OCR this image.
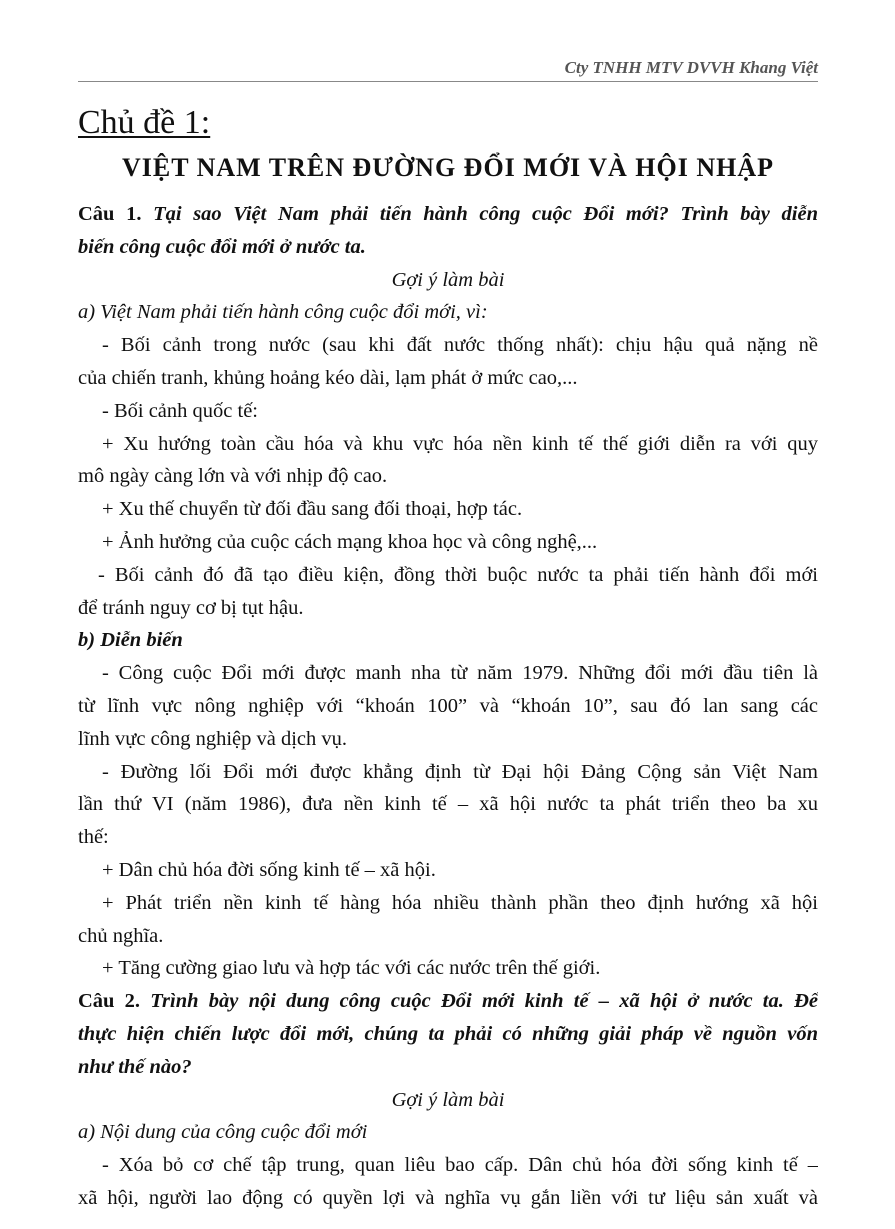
Cty TNHH MTV DVVH Khang Việt
Chủ đề 1:
VIỆT NAM TRÊN ĐƯỜNG ĐỔI MỚI VÀ HỘI NHẬP
Câu 1. Tại sao Việt Nam phải tiến hành công cuộc Đổi mới? Trình bày diễn
biến công cuộc đổi mới ở nước ta.
Gợi ý làm bài
a) Việt Nam phải tiến hành công cuộc đổi mới, vì:
- Bối cảnh trong nước (sau khi đất nước thống nhất): chịu hậu quả nặng nề
của chiến tranh, khủng hoảng kéo dài, lạm phát ở mức cao,...
- Bối cảnh quốc tế:
+ Xu hướng toàn cầu hóa và khu vực hóa nền kinh tế thế giới diễn ra với quy
mô ngày càng lớn và với nhịp độ cao.
+ Xu thế chuyển từ đối đầu sang đối thoại, hợp tác.
+ Ảnh hưởng của cuộc cách mạng khoa học và công nghệ,...
- Bối cảnh đó đã tạo điều kiện, đồng thời buộc nước ta phải tiến hành đổi mới
để tránh nguy cơ bị tụt hậu.
b) Diễn biến
- Công cuộc Đổi mới được manh nha từ năm 1979. Những đổi mới đầu tiên là
từ lĩnh vực nông nghiệp với “khoán 100” và “khoán 10”, sau đó lan sang các
lĩnh vực công nghiệp và dịch vụ.
- Đường lối Đổi mới được khẳng định từ Đại hội Đảng Cộng sản Việt Nam
lần thứ VI (năm 1986), đưa nền kinh tế – xã hội nước ta phát triển theo ba xu
thế:
+ Dân chủ hóa đời sống kinh tế – xã hội.
+ Phát triển nền kinh tế hàng hóa nhiều thành phần theo định hướng xã hội
chủ nghĩa.
+ Tăng cường giao lưu và hợp tác với các nước trên thế giới.
Câu 2. Trình bày nội dung công cuộc Đổi mới kinh tế – xã hội ở nước ta. Để
thực hiện chiến lược đổi mới, chúng ta phải có những giải pháp về nguồn vốn
như thế nào?
Gợi ý làm bài
a) Nội dung của công cuộc đổi mới
- Xóa bỏ cơ chế tập trung, quan liêu bao cấp. Dân chủ hóa đời sống kinh tế –
xã hội, người lao động có quyền lợi và nghĩa vụ gắn liền với tư liệu sản xuất và
